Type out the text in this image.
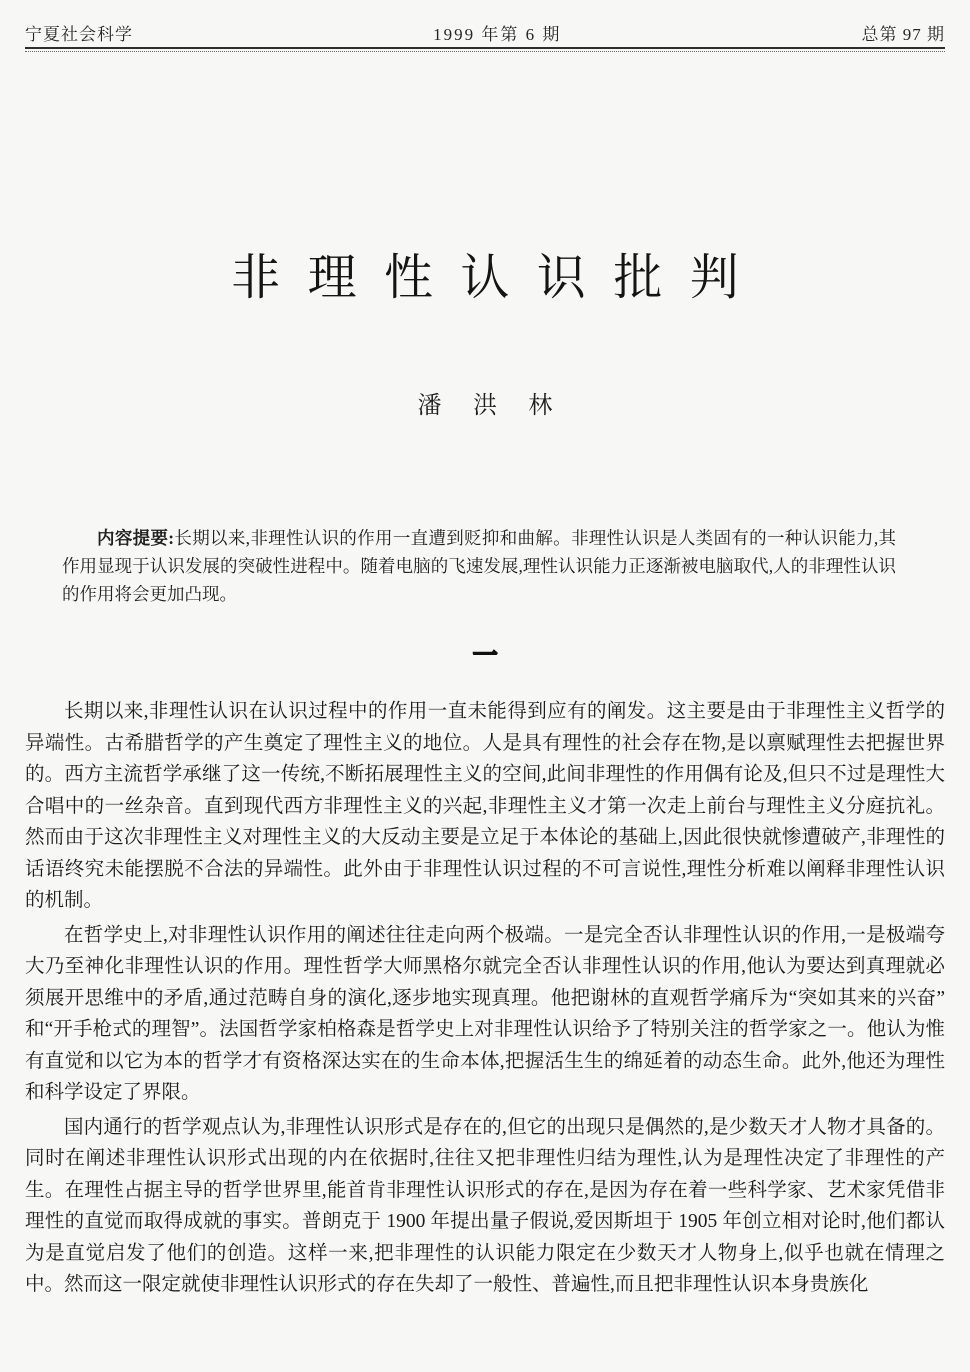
宁夏社会科学	1999 年第 6 期	总第 97 期
非理性认识批判
潘 洪 林

内容提要:长期以来,非理性认识的作用一直遭到贬抑和曲解。非理性认识是人类固有的一种认识能力,其作用显现于认识发展的突破性进程中。随着电脑的飞速发展,理性认识能力正逐渐被电脑取代,人的非理性认识的作用将会更加凸现。

一

长期以来,非理性认识在认识过程中的作用一直未能得到应有的阐发。这主要是由于非理性主义哲学的异端性。古希腊哲学的产生奠定了理性主义的地位。人是具有理性的社会存在物,是以禀赋理性去把握世界的。西方主流哲学承继了这一传统,不断拓展理性主义的空间,此间非理性的作用偶有论及,但只不过是理性大合唱中的一丝杂音。直到现代西方非理性主义的兴起,非理性主义才第一次走上前台与理性主义分庭抗礼。然而由于这次非理性主义对理性主义的大反动主要是立足于本体论的基础上,因此很快就惨遭破产,非理性的话语终究未能摆脱不合法的异端性。此外由于非理性认识过程的不可言说性,理性分析难以阐释非理性认识的机制。

在哲学史上,对非理性认识作用的阐述往往走向两个极端。一是完全否认非理性认识的作用,一是极端夸大乃至神化非理性认识的作用。理性哲学大师黑格尔就完全否认非理性认识的作用,他认为要达到真理就必须展开思维中的矛盾,通过范畴自身的演化,逐步地实现真理。他把谢林的直观哲学痛斥为“突如其来的兴奋”和“开手枪式的理智”。法国哲学家柏格森是哲学史上对非理性认识给予了特别关注的哲学家之一。他认为惟有直觉和以它为本的哲学才有资格深达实在的生命本体,把握活生生的绵延着的动态生命。此外,他还为理性和科学设定了界限。

国内通行的哲学观点认为,非理性认识形式是存在的,但它的出现只是偶然的,是少数天才人物才具备的。同时在阐述非理性认识形式出现的内在依据时,往往又把非理性归结为理性,认为是理性决定了非理性的产生。在理性占据主导的哲学世界里,能首肯非理性认识形式的存在,是因为存在着一些科学家、艺术家凭借非理性的直觉而取得成就的事实。普朗克于 1900 年提出量子假说,爱因斯坦于 1905 年创立相对论时,他们都认为是直觉启发了他们的创造。这样一来,把非理性的认识能力限定在少数天才人物身上,似乎也就在情理之中。然而这一限定就使非理性认识形式的存在失却了一般性、普遍性,而且把非理性认识本身贵族化
